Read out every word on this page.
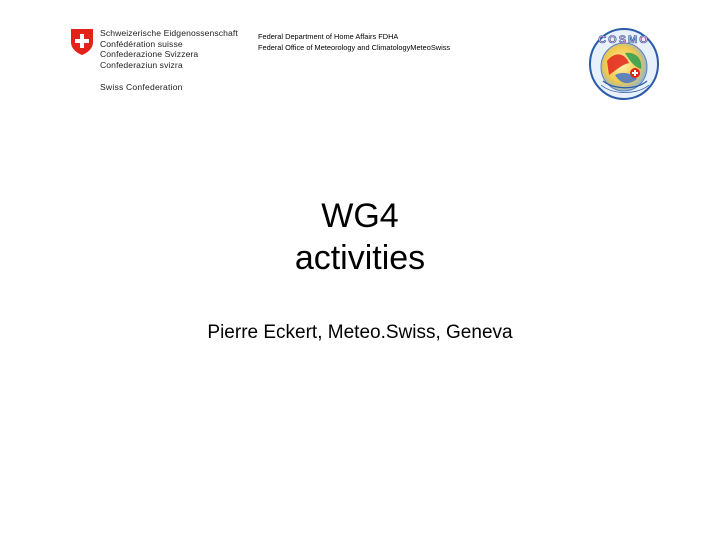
Schweizerische Eidgenossenschaft
Confédération suisse
Confederazione Svizzera
Confederaziun svizra
Swiss Confederation
Federal Department of Home Affairs FDHA
Federal Office of Meteorology and ClimatologyMeteoSwiss
COSMO
WG4
activities
Pierre Eckert, Meteo.Swiss, Geneva
